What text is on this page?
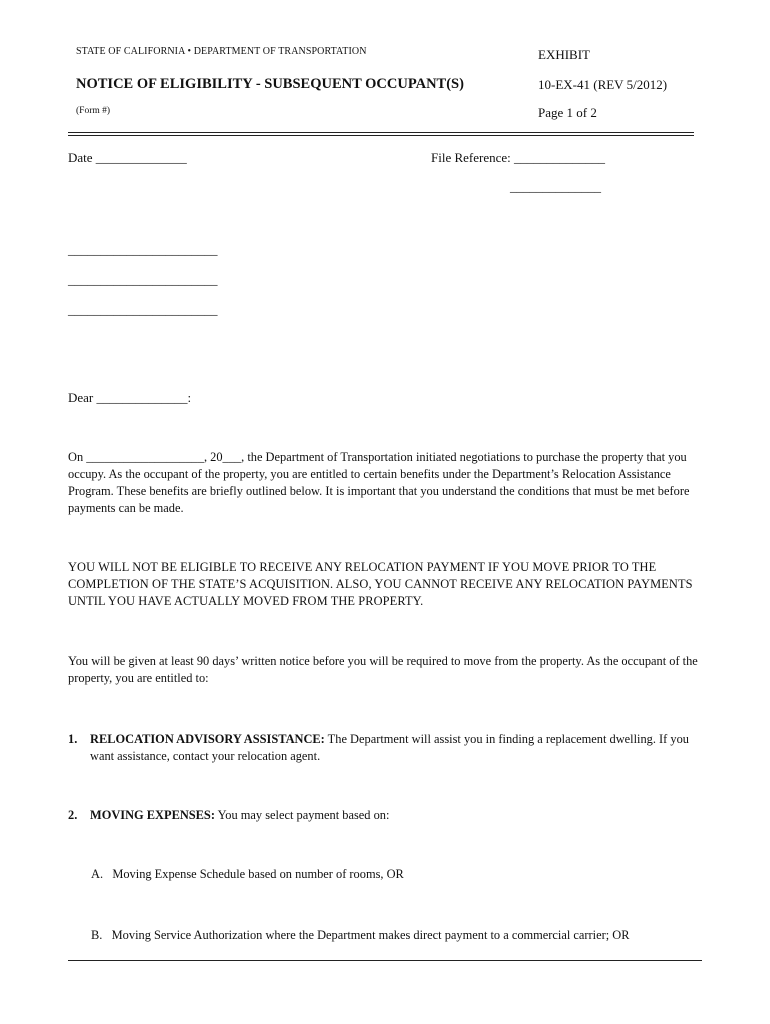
STATE OF CALIFORNIA • DEPARTMENT OF TRANSPORTATION	EXHIBIT
NOTICE OF ELIGIBILITY - SUBSEQUENT OCCUPANT(S)	10-EX-41 (REV 5/2012)
(Form #)	Page 1 of 2
Date ______________	File Reference: ______________
______________
_______________________
_______________________
_______________________
Dear ______________:

On ___________________, 20___, the Department of Transportation initiated negotiations to purchase the property that you occupy. As the occupant of the property, you are entitled to certain benefits under the Department’s Relocation Assistance Program. These benefits are briefly outlined below. It is important that you understand the conditions that must be met before payments can be made.

YOU WILL NOT BE ELIGIBLE TO RECEIVE ANY RELOCATION PAYMENT IF YOU MOVE PRIOR TO THE COMPLETION OF THE STATE’S ACQUISITION. ALSO, YOU CANNOT RECEIVE ANY RELOCATION PAYMENTS UNTIL YOU HAVE ACTUALLY MOVED FROM THE PROPERTY.

You will be given at least 90 days’ written notice before you will be required to move from the property. As the occupant of the property, you are entitled to:

1. RELOCATION ADVISORY ASSISTANCE: The Department will assist you in finding a replacement dwelling. If you want assistance, contact your relocation agent.
2. MOVING EXPENSES: You may select payment based on:
A.   Moving Expense Schedule based on number of rooms, OR
B.   Moving Service Authorization where the Department makes direct payment to a commercial carrier; OR
